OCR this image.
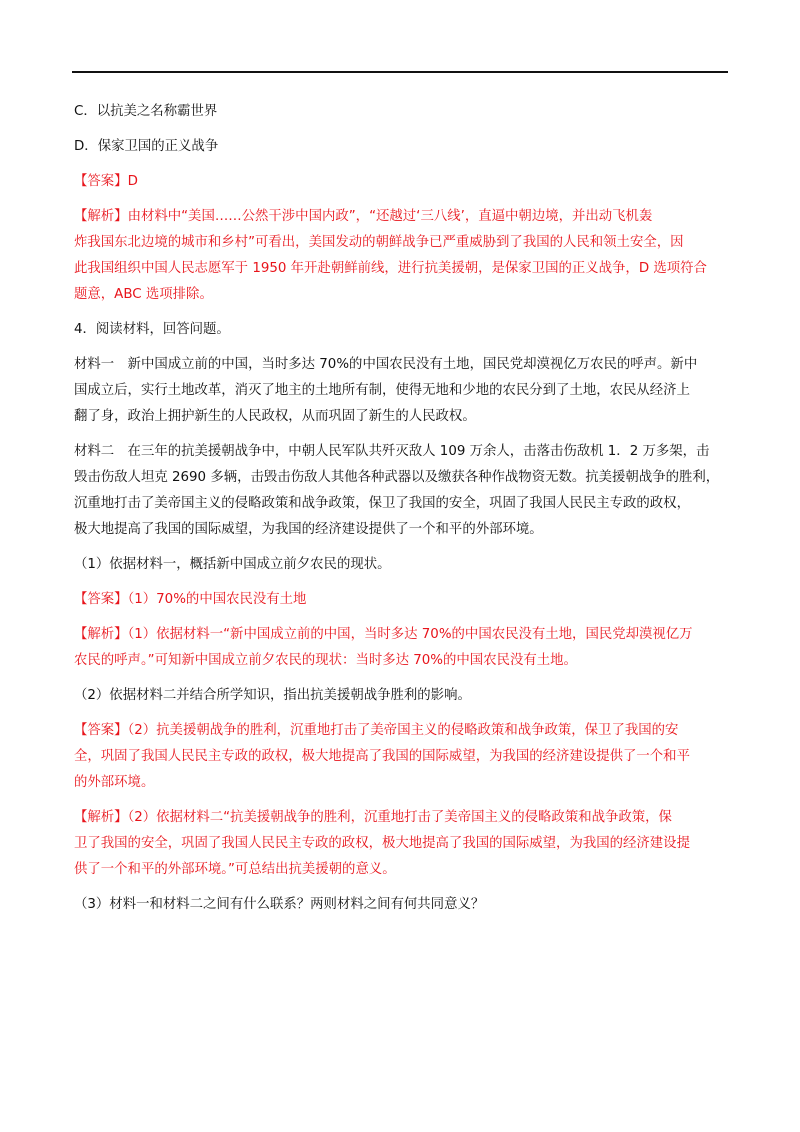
C．以抗美之名称霸世界
D．保家卫国的正义战争
【答案】D
【解析】由材料中“美国……公然干涉中国内政”，“还越过‘三八线’，直逼中朝边境，并出动飞机轰
炸我国东北边境的城市和乡村”可看出，美国发动的朝鲜战争已严重威胁到了我国的人民和领土安全，因
此我国组织中国人民志愿军于 1950 年开赴朝鲜前线，进行抗美援朝，是保家卫国的正义战争，D 选项符合
题意，ABC 选项排除。
4．阅读材料，回答问题。
材料一　新中国成立前的中国，当时多达 70%的中国农民没有土地，国民党却漠视亿万农民的呼声。新中
国成立后，实行土地改革，消灭了地主的土地所有制，使得无地和少地的农民分到了土地，农民从经济上
翻了身，政治上拥护新生的人民政权，从而巩固了新生的人民政权。
材料二　在三年的抗美援朝战争中，中朝人民军队共歼灭敌人 109 万余人，击落击伤敌机 1．2 万多架，击
毁击伤敌人坦克 2690 多辆，击毁击伤敌人其他各种武器以及缴获各种作战物资无数。抗美援朝战争的胜利，
沉重地打击了美帝国主义的侵略政策和战争政策，保卫了我国的安全，巩固了我国人民民主专政的政权，
极大地提高了我国的国际威望，为我国的经济建设提供了一个和平的外部环境。
（1）依据材料一，概括新中国成立前夕农民的现状。
【答案】（1）70%的中国农民没有土地
【解析】（1）依据材料一“新中国成立前的中国，当时多达 70%的中国农民没有土地，国民党却漠视亿万
农民的呼声。”可知新中国成立前夕农民的现状：当时多达 70%的中国农民没有土地。
（2）依据材料二并结合所学知识，指出抗美援朝战争胜利的影响。
【答案】（2）抗美援朝战争的胜利，沉重地打击了美帝国主义的侵略政策和战争政策，保卫了我国的安
全，巩固了我国人民民主专政的政权，极大地提高了我国的国际威望，为我国的经济建设提供了一个和平
的外部环境。
【解析】（2）依据材料二“抗美援朝战争的胜利，沉重地打击了美帝国主义的侵略政策和战争政策，保
卫了我国的安全，巩固了我国人民民主专政的政权，极大地提高了我国的国际威望，为我国的经济建设提
供了一个和平的外部环境。”可总结出抗美援朝的意义。
（3）材料一和材料二之间有什么联系？两则材料之间有何共同意义？
